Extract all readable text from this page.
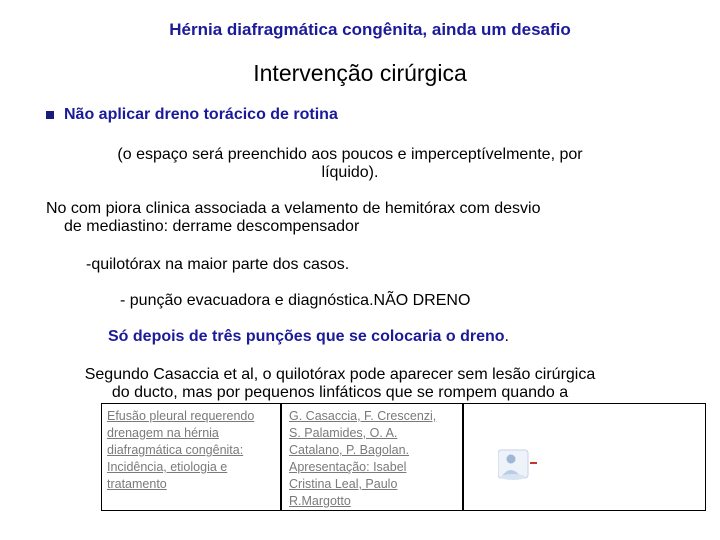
Hérnia diafragmática congênita, ainda um desafio
Intervenção cirúrgica
Não aplicar dreno torácico de rotina
(o espaço será preenchido aos poucos e imperceptívelmente, por
líquido).
No com piora clinica associada a velamento de hemitórax com desvio
de mediastino: derrame descompensador
-quilotórax na maior parte dos casos.
- punção evacuadora e diagnóstica.NÃO DRENO
Só depois de três punções que se colocaria o dreno.
Segundo Casaccia et al, o quilotórax pode aparecer sem lesão cirúrgica
do ducto, mas por pequenos linfáticos que se rompem quando a
Efusão pleural requerendo
drenagem na hérnia
diafragmática congênita:
Incidência, etiologia e
tratamento
G. Casaccia, F. Crescenzi,
S. Palamides, O. A.
Catalano, P. Bagolan.
Apresentação: Isabel
Cristina Leal, Paulo
R.Margotto
